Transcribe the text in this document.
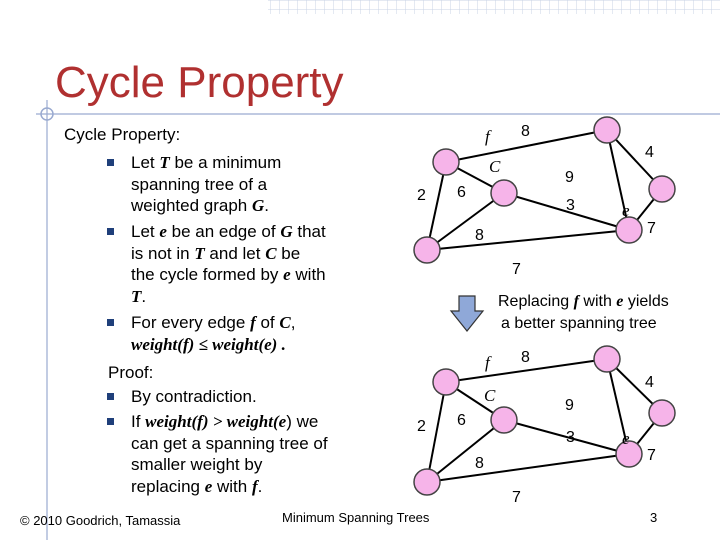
Cycle Property
Cycle Property:
Let T be a minimum
spanning tree of a
weighted graph G.
Let e be an edge of G that
is not in T and let C be
the cycle formed by e with
T.
For every edge f of C,
weight(f) ≤ weight(e) .
Proof:
By contradiction.
If weight(f) > weight(e) we
can get a spanning tree of
smaller weight by
replacing e with f.
Replacing f with e yields
a better spanning tree
f 8
4
C
9
2 6
3	e
7
8
7
f 8
4
C
9
2 6
3	e
7
8
7
© 2010 Goodrich, Tamassia	Minimum Spanning Trees	3
